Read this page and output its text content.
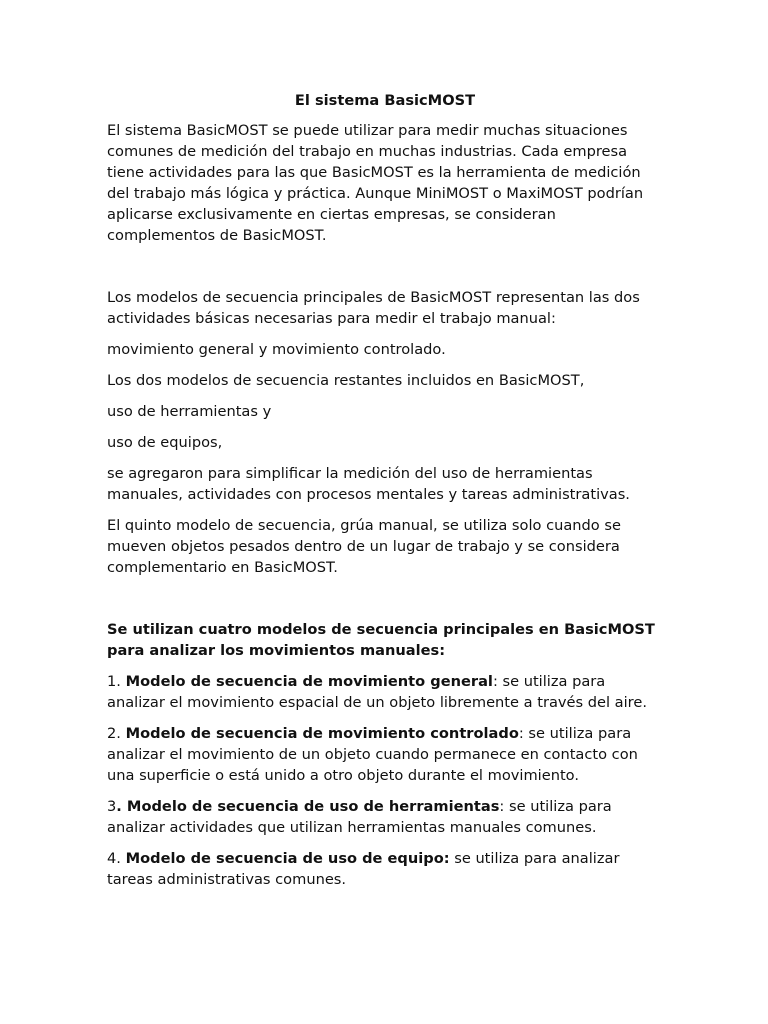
El sistema BasicMOST

El sistema BasicMOST se puede utilizar para medir muchas situaciones comunes de medición del trabajo en muchas industrias. Cada empresa tiene actividades para las que BasicMOST es la herramienta de medición del trabajo más lógica y práctica. Aunque MiniMOST o MaxiMOST podrían aplicarse exclusivamente en ciertas empresas, se consideran complementos de BasicMOST.

Los modelos de secuencia principales de BasicMOST representan las dos actividades básicas necesarias para medir el trabajo manual:

movimiento general y movimiento controlado.

Los dos modelos de secuencia restantes incluidos en BasicMOST,

uso de herramientas y

uso de equipos,

se agregaron para simplificar la medición del uso de herramientas manuales, actividades con procesos mentales y tareas administrativas.

El quinto modelo de secuencia, grúa manual, se utiliza solo cuando se mueven objetos pesados dentro de un lugar de trabajo y se considera complementario en BasicMOST.

Se utilizan cuatro modelos de secuencia principales en BasicMOST para analizar los movimientos manuales:

1. Modelo de secuencia de movimiento general: se utiliza para analizar el movimiento espacial de un objeto libremente a través del aire.

2. Modelo de secuencia de movimiento controlado: se utiliza para analizar el movimiento de un objeto cuando permanece en contacto con una superficie o está unido a otro objeto durante el movimiento.

3. Modelo de secuencia de uso de herramientas: se utiliza para analizar actividades que utilizan herramientas manuales comunes.

4. Modelo de secuencia de uso de equipo: se utiliza para analizar tareas administrativas comunes.
